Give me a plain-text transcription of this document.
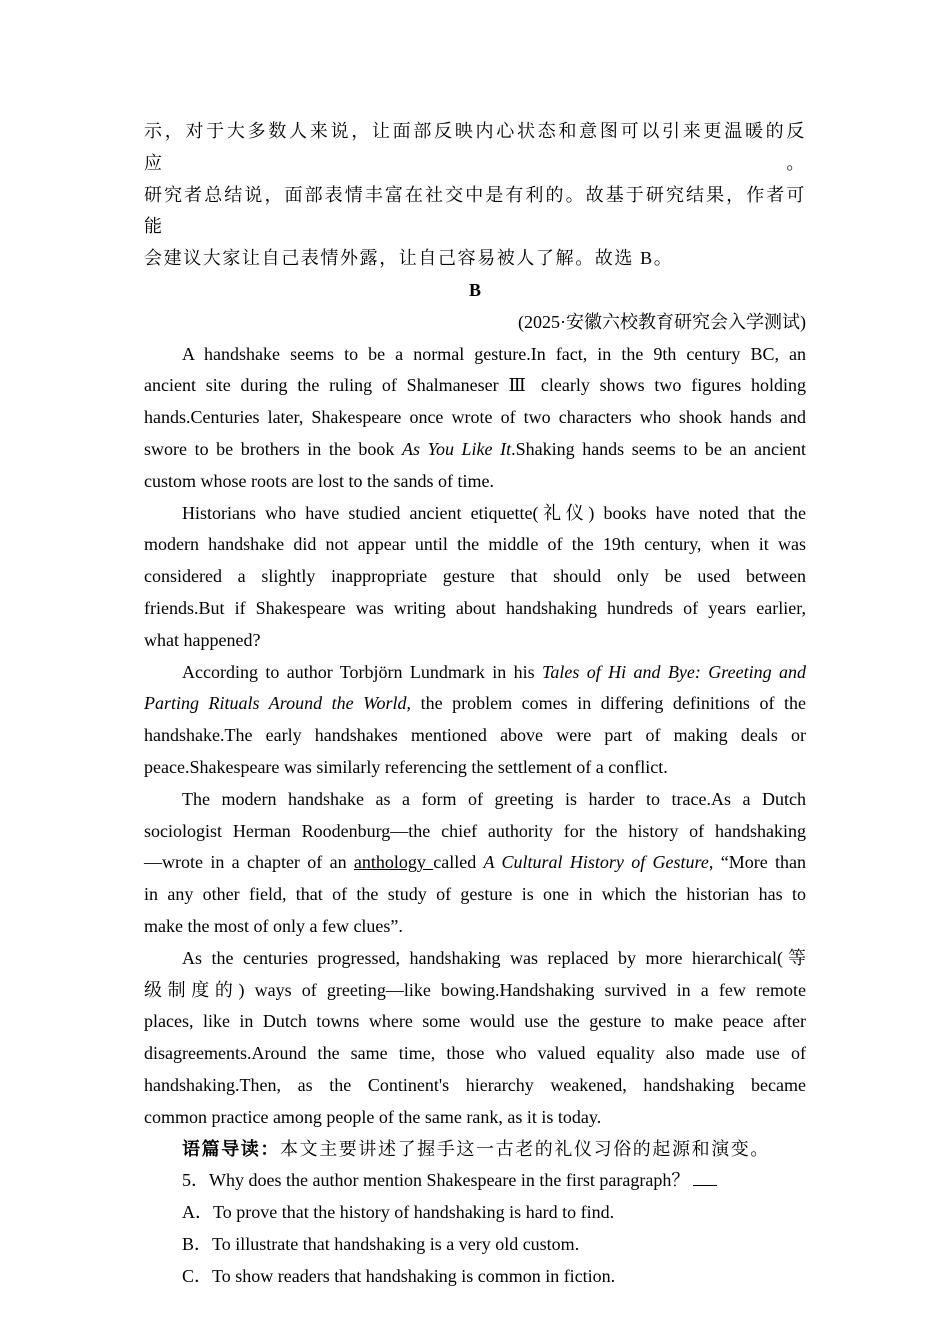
示，对于大多数人来说，让面部反映内心状态和意图可以引来更温暖的反应。
研究者总结说，面部表情丰富在社交中是有利的。故基于研究结果，作者可能
会建议大家让自己表情外露，让自己容易被人了解。故选 B。
B
(2025·安徽六校教育研究会入学测试)
A handshake seems to be a normal gesture.In fact, in the 9th century BC, an
ancient site during the ruling of Shalmaneser Ⅲ clearly shows two figures holding
hands.Centuries later, Shakespeare once wrote of two characters who shook hands and
swore to be brothers in the book As You Like It.Shaking hands seems to be an ancient
custom whose roots are lost to the sands of time.
Historians who have studied ancient etiquette(礼仪) books have noted that the
modern handshake did not appear until the middle of the 19th century, when it was
considered a slightly inappropriate gesture that should only be used between
friends.But if Shakespeare was writing about handshaking hundreds of years earlier,
what happened?
According to author Torbjörn Lundmark in his Tales of Hi and Bye: Greeting and
Parting Rituals Around the World, the problem comes in differing definitions of the
handshake.The early handshakes mentioned above were part of making deals or
peace.Shakespeare was similarly referencing the settlement of a conflict.
The modern handshake as a form of greeting is harder to trace.As a Dutch
sociologist Herman Roodenburg—the chief authority for the history of handshaking
—wrote in a chapter of an anthology called A Cultural History of Gesture, “More than
in any other field, that of the study of gesture is one in which the historian has to
make the most of only a few clues”.
As the centuries progressed, handshaking was replaced by more hierarchical(等
级制度的) ways of greeting—like bowing.Handshaking survived in a few remote
places, like in Dutch towns where some would use the gesture to make peace after
disagreements.Around the same time, those who valued equality also made use of
handshaking.Then, as the Continent's hierarchy weakened, handshaking became
common practice among people of the same rank, as it is today.
语篇导读：本文主要讲述了握手这一古老的礼仪习俗的起源和演变。
5．Why does the author mention Shakespeare in the first paragraph？
A．To prove that the history of handshaking is hard to find.
B．To illustrate that handshaking is a very old custom.
C．To show readers that handshaking is common in fiction.
